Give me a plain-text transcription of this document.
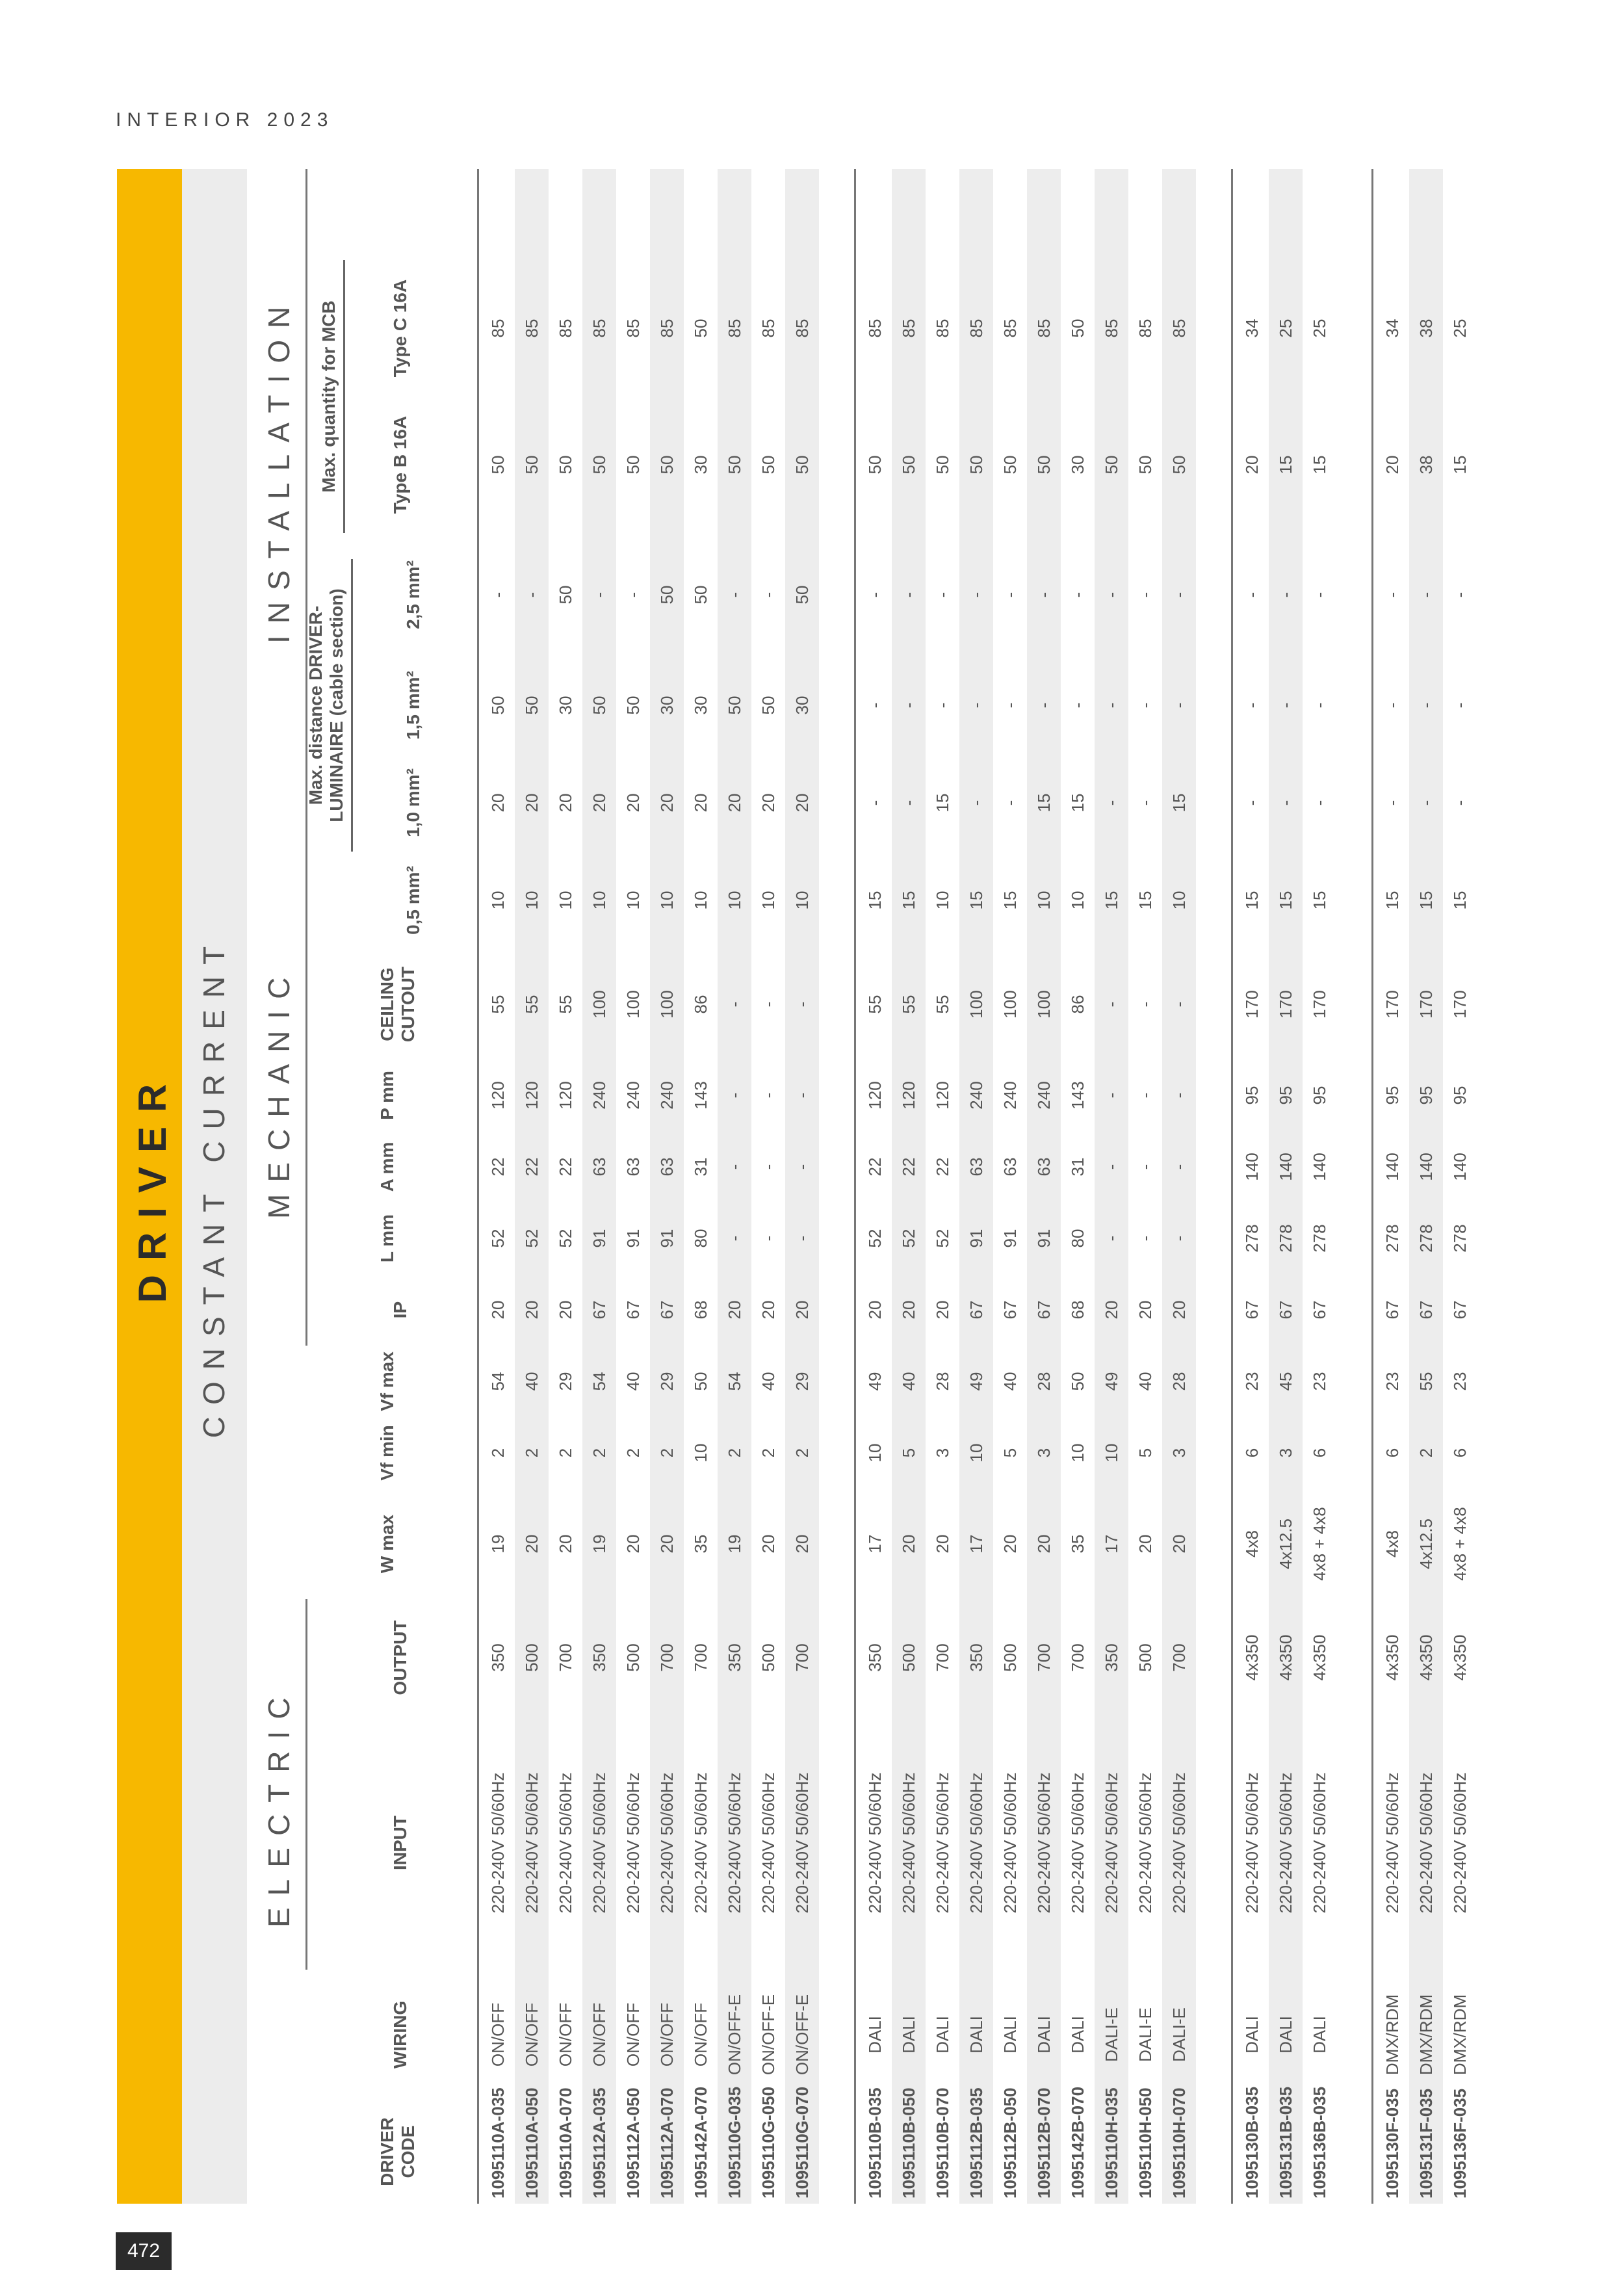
INTERIOR 2023
472
DRIVER CONSTANT CURRENT
ELECTRIC
MECHANIC
INSTALLATION
DRIVER CODE
WIRING
INPUT
OUTPUT
W max
Vf min
Vf max
IP
L mm
A mm
P mm
CEILING CUTOUT
Max. distance DRIVER-LUMINAIRE (cable section)
0,5 mm²
1,0 mm²
1,5 mm²
2,5 mm²
Max. quantity for MCB	Type B 16A
Type C 16A
1095110A-035
ON/OFF
220-240V 50/60Hz
350
19
2
54
20
52
22
120
55
10
20
50
-
50
85
1095110A-050
ON/OFF
220-240V 50/60Hz
500
20
2
40
20
52
22
120
55
10
20
50
-
50
85
1095110A-070
ON/OFF
220-240V 50/60Hz
700
20
2
29
20
52
22
120
55
10
20
30
50
50
85
1095112A-035
ON/OFF
220-240V 50/60Hz
350
19
2
54
67
91
63
240
100
10
20
50
-
50
85
1095112A-050
ON/OFF
220-240V 50/60Hz
500
20
2
40
67
91
63
240
100
10
20
50
-
50
85
1095112A-070
ON/OFF
220-240V 50/60Hz
700
20
2
29
67
91
63
240
100
10
20
30
50
50
85
1095142A-070
ON/OFF
220-240V 50/60Hz
700
35
10
50
68
80
31
143
86
10
20
30
50
30
50
1095110G-035
ON/OFF-E
220-240V 50/60Hz
350
19
2
54
20
-
-
-
-
10
20
50
-
50
85
1095110G-050
ON/OFF-E
220-240V 50/60Hz
500
20
2
40
20
-
-
-
-
10
20
50
-
50
85
1095110G-070
ON/OFF-E
220-240V 50/60Hz
700
20
2
29
20
-
-
-
-
10
20
30
50
50
85
1095110B-035
DALI
220-240V 50/60Hz
350
17
10
49
20
52
22
120
55
15
-
-
-
50
85
1095110B-050
DALI
220-240V 50/60Hz
500
20
5
40
20
52
22
120
55
15
-
-
-
50
85
1095110B-070
DALI
220-240V 50/60Hz
700
20
3
28
20
52
22
120
55
10
15
-
-
50
85
1095112B-035
DALI
220-240V 50/60Hz
350
17
10
49
67
91
63
240
100
15
-
-
-
50
85
1095112B-050
DALI
220-240V 50/60Hz
500
20
5
40
67
91
63
240
100
15
-
-
-
50
85
1095112B-070
DALI
220-240V 50/60Hz
700
20
3
28
67
91
63
240
100
10
15
-
-
50
85
1095142B-070
DALI
220-240V 50/60Hz
700
35
10
50
68
80
31
143
86
10
15
-
-
30
50
1095110H-035
DALI-E
220-240V 50/60Hz
350
17
10
49
20
-
-
-
-
15
-
-
-
50
85
1095110H-050
DALI-E
220-240V 50/60Hz
500
20
5
40
20
-
-
-
-
15
-
-
-
50
85
1095110H-070
DALI-E
220-240V 50/60Hz
700
20
3
28
20
-
-
-
-
10
15
-
-
50
85
1095130B-035
DALI
220-240V 50/60Hz
4x350
4x8
6
23
67
278
140
95
170
15
-
-
-
20
34
1095131B-035
DALI
220-240V 50/60Hz
4x350
4x12.5
3
45
67
278
140
95
170
15
-
-
-
15
25
1095136B-035
DALI
220-240V 50/60Hz
4x350
4x8 + 4x8
6
23
67
278
140
95
170
15
-
-
-
15
25
1095130F-035
DMX/RDM
220-240V 50/60Hz
4x350
4x8
6
23
67
278
140
95
170
15
-
-
-
20
34
1095131F-035
DMX/RDM
220-240V 50/60Hz
4x350
4x12.5
2
55
67
278
140
95
170
15
-
-
-
38
38
1095136F-035
DMX/RDM
220-240V 50/60Hz
4x350
4x8 + 4x8
6
23
67
278
140
95
170
15
-
-
-
15
25
